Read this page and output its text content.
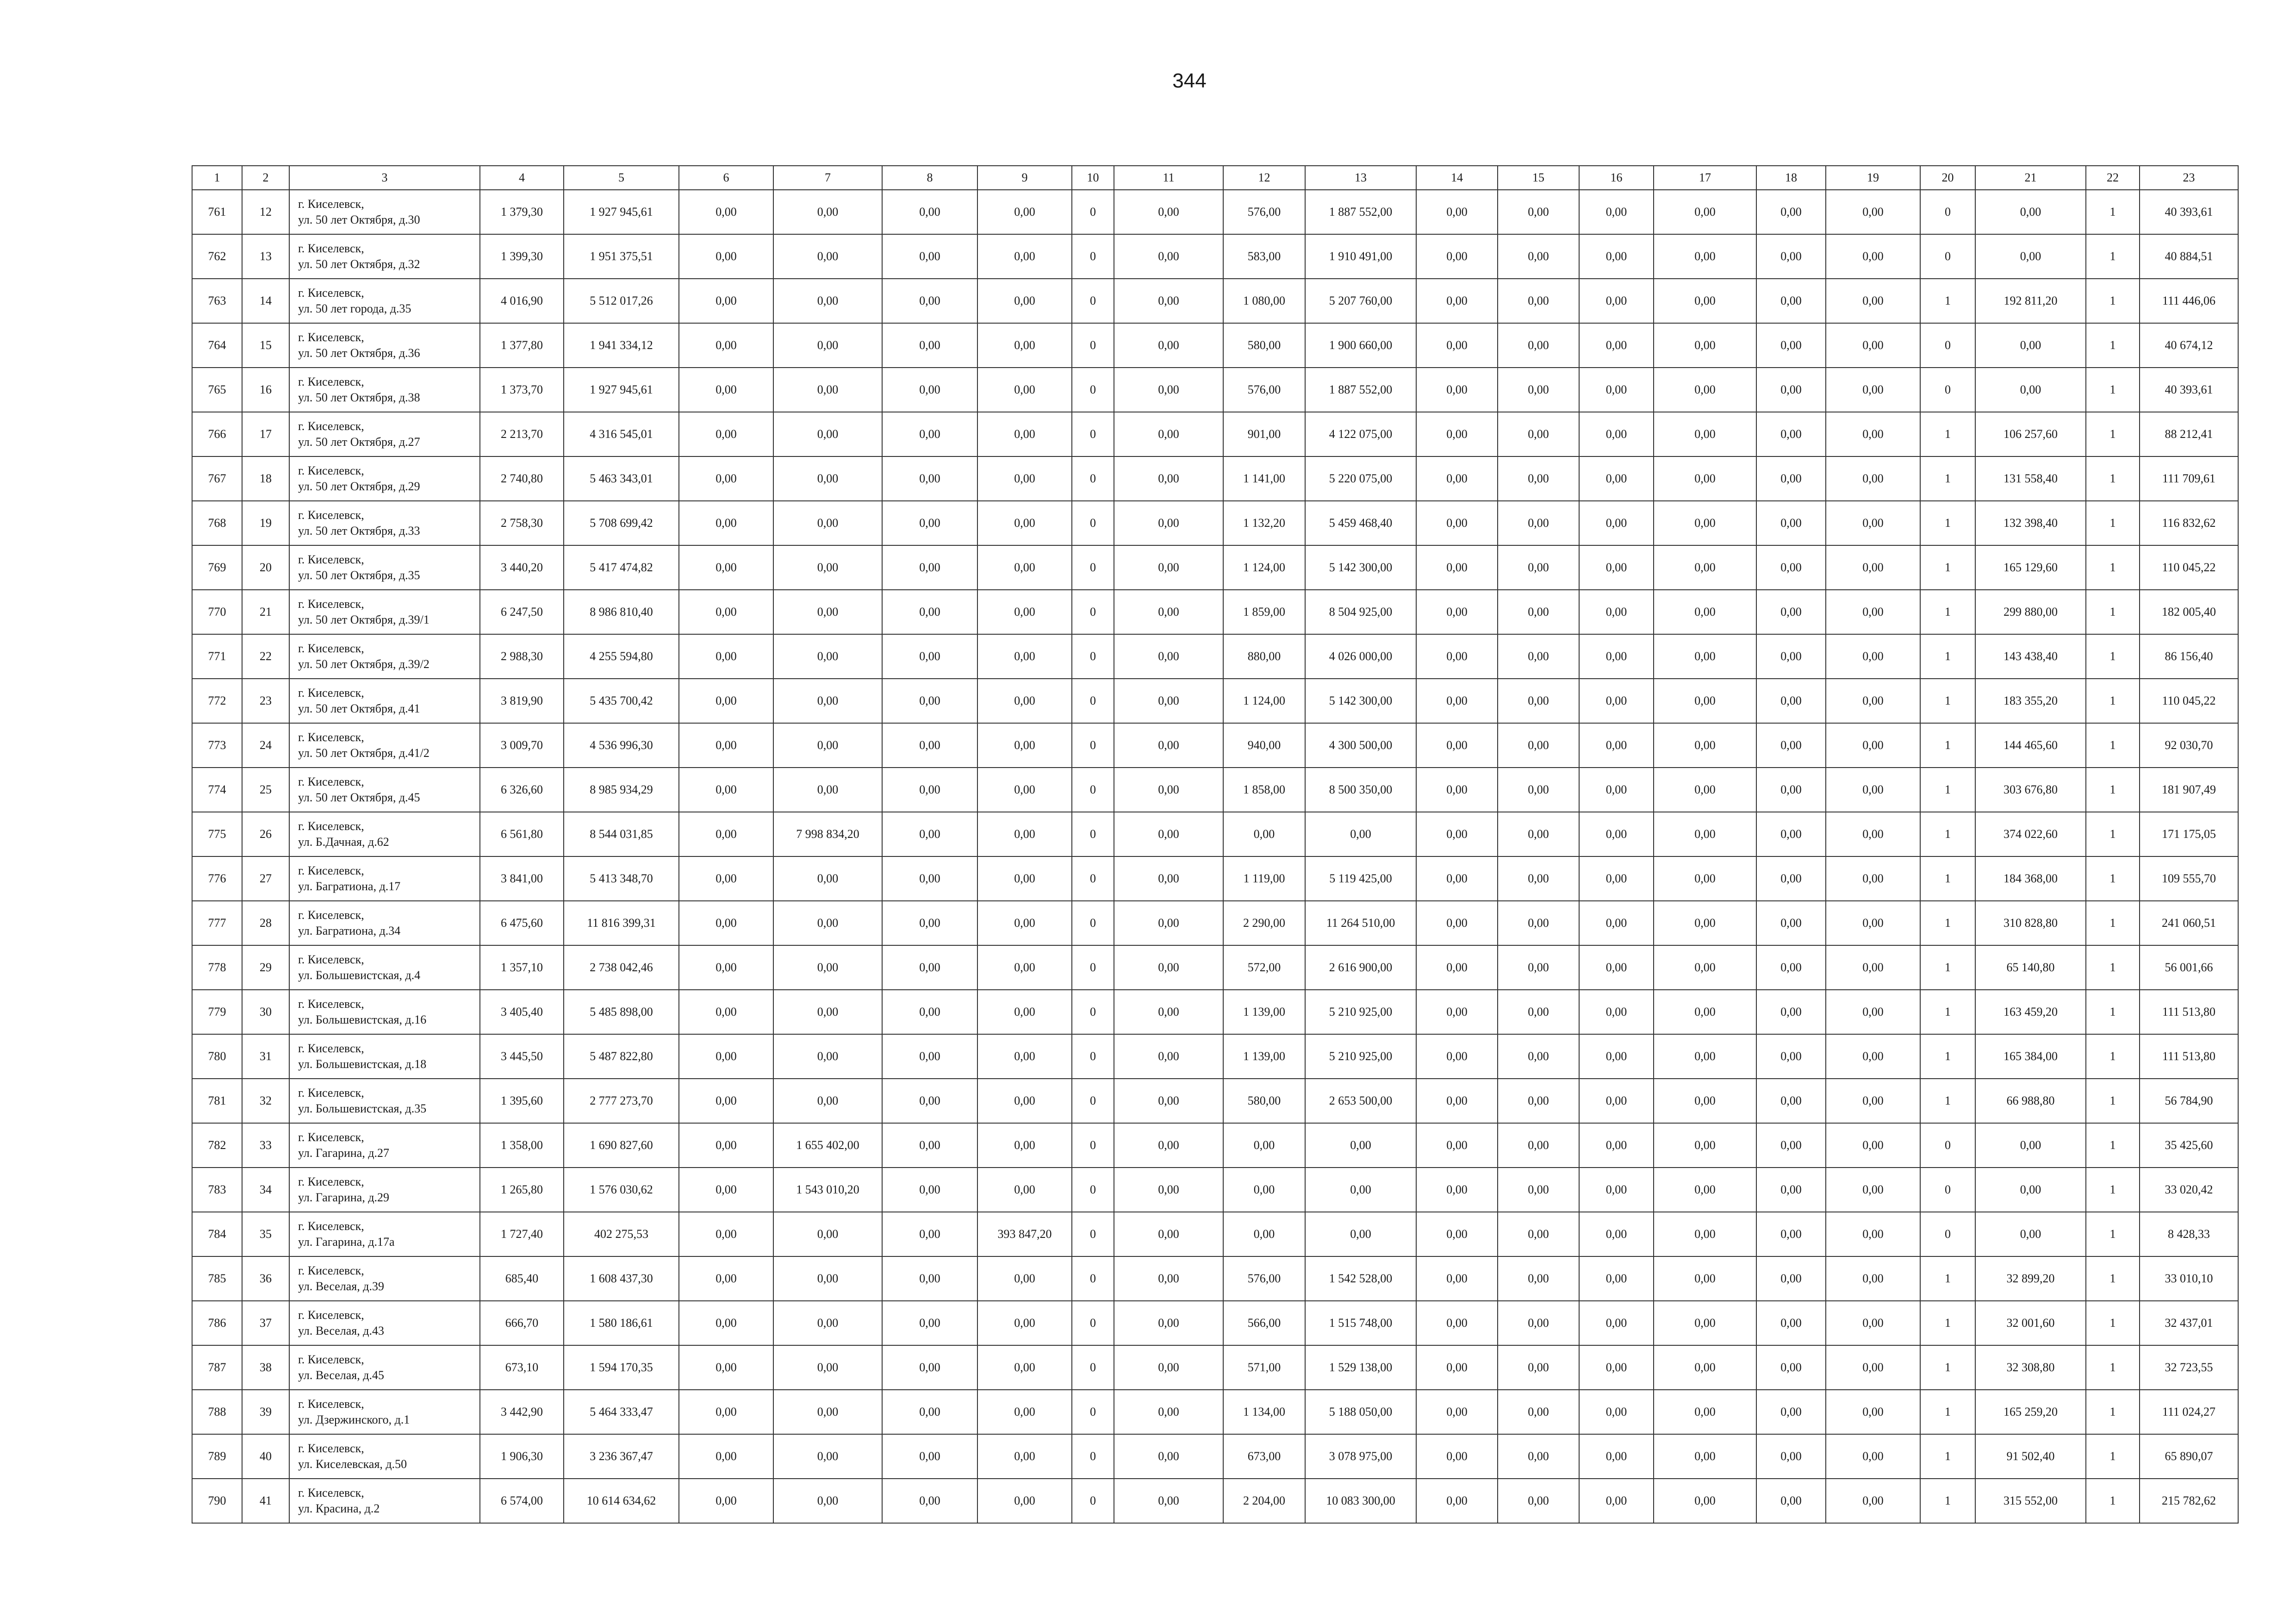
344
1	2	3	4	5	6	7	8	9	10	11	12	13	14	15	16	17	18	19	20	21	22	23
761	12	г. Киселевск,
ул. 50 лет Октября, д.30	1 379,30	1 927 945,61	0,00	0,00	0,00	0,00	0	0,00	576,00	1 887 552,00	0,00	0,00	0,00	0,00	0,00	0,00	0	0,00	1	40 393,61
762	13	г. Киселевск,
ул. 50 лет Октября, д.32	1 399,30	1 951 375,51	0,00	0,00	0,00	0,00	0	0,00	583,00	1 910 491,00	0,00	0,00	0,00	0,00	0,00	0,00	0	0,00	1	40 884,51
763	14	г. Киселевск,
ул. 50 лет города, д.35	4 016,90	5 512 017,26	0,00	0,00	0,00	0,00	0	0,00	1 080,00	5 207 760,00	0,00	0,00	0,00	0,00	0,00	0,00	1	192 811,20	1	111 446,06
764	15	г. Киселевск,
ул. 50 лет Октября, д.36	1 377,80	1 941 334,12	0,00	0,00	0,00	0,00	0	0,00	580,00	1 900 660,00	0,00	0,00	0,00	0,00	0,00	0,00	0	0,00	1	40 674,12
765	16	г. Киселевск,
ул. 50 лет Октября, д.38	1 373,70	1 927 945,61	0,00	0,00	0,00	0,00	0	0,00	576,00	1 887 552,00	0,00	0,00	0,00	0,00	0,00	0,00	0	0,00	1	40 393,61
766	17	г. Киселевск,
ул. 50 лет Октября, д.27	2 213,70	4 316 545,01	0,00	0,00	0,00	0,00	0	0,00	901,00	4 122 075,00	0,00	0,00	0,00	0,00	0,00	0,00	1	106 257,60	1	88 212,41
767	18	г. Киселевск,
ул. 50 лет Октября, д.29	2 740,80	5 463 343,01	0,00	0,00	0,00	0,00	0	0,00	1 141,00	5 220 075,00	0,00	0,00	0,00	0,00	0,00	0,00	1	131 558,40	1	111 709,61
768	19	г. Киселевск,
ул. 50 лет Октября, д.33	2 758,30	5 708 699,42	0,00	0,00	0,00	0,00	0	0,00	1 132,20	5 459 468,40	0,00	0,00	0,00	0,00	0,00	0,00	1	132 398,40	1	116 832,62
769	20	г. Киселевск,
ул. 50 лет Октября, д.35	3 440,20	5 417 474,82	0,00	0,00	0,00	0,00	0	0,00	1 124,00	5 142 300,00	0,00	0,00	0,00	0,00	0,00	0,00	1	165 129,60	1	110 045,22
770	21	г. Киселевск,
ул. 50 лет Октября, д.39/1	6 247,50	8 986 810,40	0,00	0,00	0,00	0,00	0	0,00	1 859,00	8 504 925,00	0,00	0,00	0,00	0,00	0,00	0,00	1	299 880,00	1	182 005,40
771	22	г. Киселевск,
ул. 50 лет Октября, д.39/2	2 988,30	4 255 594,80	0,00	0,00	0,00	0,00	0	0,00	880,00	4 026 000,00	0,00	0,00	0,00	0,00	0,00	0,00	1	143 438,40	1	86 156,40
772	23	г. Киселевск,
ул. 50 лет Октября, д.41	3 819,90	5 435 700,42	0,00	0,00	0,00	0,00	0	0,00	1 124,00	5 142 300,00	0,00	0,00	0,00	0,00	0,00	0,00	1	183 355,20	1	110 045,22
773	24	г. Киселевск,
ул. 50 лет Октября, д.41/2	3 009,70	4 536 996,30	0,00	0,00	0,00	0,00	0	0,00	940,00	4 300 500,00	0,00	0,00	0,00	0,00	0,00	0,00	1	144 465,60	1	92 030,70
774	25	г. Киселевск,
ул. 50 лет Октября, д.45	6 326,60	8 985 934,29	0,00	0,00	0,00	0,00	0	0,00	1 858,00	8 500 350,00	0,00	0,00	0,00	0,00	0,00	0,00	1	303 676,80	1	181 907,49
775	26	г. Киселевск,
ул. Б.Дачная, д.62	6 561,80	8 544 031,85	0,00	7 998 834,20	0,00	0,00	0	0,00	0,00	0,00	0,00	0,00	0,00	0,00	0,00	0,00	1	374 022,60	1	171 175,05
776	27	г. Киселевск,
ул. Багратиона, д.17	3 841,00	5 413 348,70	0,00	0,00	0,00	0,00	0	0,00	1 119,00	5 119 425,00	0,00	0,00	0,00	0,00	0,00	0,00	1	184 368,00	1	109 555,70
777	28	г. Киселевск,
ул. Багратиона, д.34	6 475,60	11 816 399,31	0,00	0,00	0,00	0,00	0	0,00	2 290,00	11 264 510,00	0,00	0,00	0,00	0,00	0,00	0,00	1	310 828,80	1	241 060,51
778	29	г. Киселевск,
ул. Большевистская, д.4	1 357,10	2 738 042,46	0,00	0,00	0,00	0,00	0	0,00	572,00	2 616 900,00	0,00	0,00	0,00	0,00	0,00	0,00	1	65 140,80	1	56 001,66
779	30	г. Киселевск,
ул. Большевистская, д.16	3 405,40	5 485 898,00	0,00	0,00	0,00	0,00	0	0,00	1 139,00	5 210 925,00	0,00	0,00	0,00	0,00	0,00	0,00	1	163 459,20	1	111 513,80
780	31	г. Киселевск,
ул. Большевистская, д.18	3 445,50	5 487 822,80	0,00	0,00	0,00	0,00	0	0,00	1 139,00	5 210 925,00	0,00	0,00	0,00	0,00	0,00	0,00	1	165 384,00	1	111 513,80
781	32	г. Киселевск,
ул. Большевистская, д.35	1 395,60	2 777 273,70	0,00	0,00	0,00	0,00	0	0,00	580,00	2 653 500,00	0,00	0,00	0,00	0,00	0,00	0,00	1	66 988,80	1	56 784,90
782	33	г. Киселевск,
ул. Гагарина, д.27	1 358,00	1 690 827,60	0,00	1 655 402,00	0,00	0,00	0	0,00	0,00	0,00	0,00	0,00	0,00	0,00	0,00	0,00	0	0,00	1	35 425,60
783	34	г. Киселевск,
ул. Гагарина, д.29	1 265,80	1 576 030,62	0,00	1 543 010,20	0,00	0,00	0	0,00	0,00	0,00	0,00	0,00	0,00	0,00	0,00	0,00	0	0,00	1	33 020,42
784	35	г. Киселевск,
ул. Гагарина, д.17а	1 727,40	402 275,53	0,00	0,00	0,00	393 847,20	0	0,00	0,00	0,00	0,00	0,00	0,00	0,00	0,00	0,00	0	0,00	1	8 428,33
785	36	г. Киселевск,
ул. Веселая, д.39	685,40	1 608 437,30	0,00	0,00	0,00	0,00	0	0,00	576,00	1 542 528,00	0,00	0,00	0,00	0,00	0,00	0,00	1	32 899,20	1	33 010,10
786	37	г. Киселевск,
ул. Веселая, д.43	666,70	1 580 186,61	0,00	0,00	0,00	0,00	0	0,00	566,00	1 515 748,00	0,00	0,00	0,00	0,00	0,00	0,00	1	32 001,60	1	32 437,01
787	38	г. Киселевск,
ул. Веселая, д.45	673,10	1 594 170,35	0,00	0,00	0,00	0,00	0	0,00	571,00	1 529 138,00	0,00	0,00	0,00	0,00	0,00	0,00	1	32 308,80	1	32 723,55
788	39	г. Киселевск,
ул. Дзержинского, д.1	3 442,90	5 464 333,47	0,00	0,00	0,00	0,00	0	0,00	1 134,00	5 188 050,00	0,00	0,00	0,00	0,00	0,00	0,00	1	165 259,20	1	111 024,27
789	40	г. Киселевск,
ул. Киселевская, д.50	1 906,30	3 236 367,47	0,00	0,00	0,00	0,00	0	0,00	673,00	3 078 975,00	0,00	0,00	0,00	0,00	0,00	0,00	1	91 502,40	1	65 890,07
790	41	г. Киселевск,
ул. Красина, д.2	6 574,00	10 614 634,62	0,00	0,00	0,00	0,00	0	0,00	2 204,00	10 083 300,00	0,00	0,00	0,00	0,00	0,00	0,00	1	315 552,00	1	215 782,62
